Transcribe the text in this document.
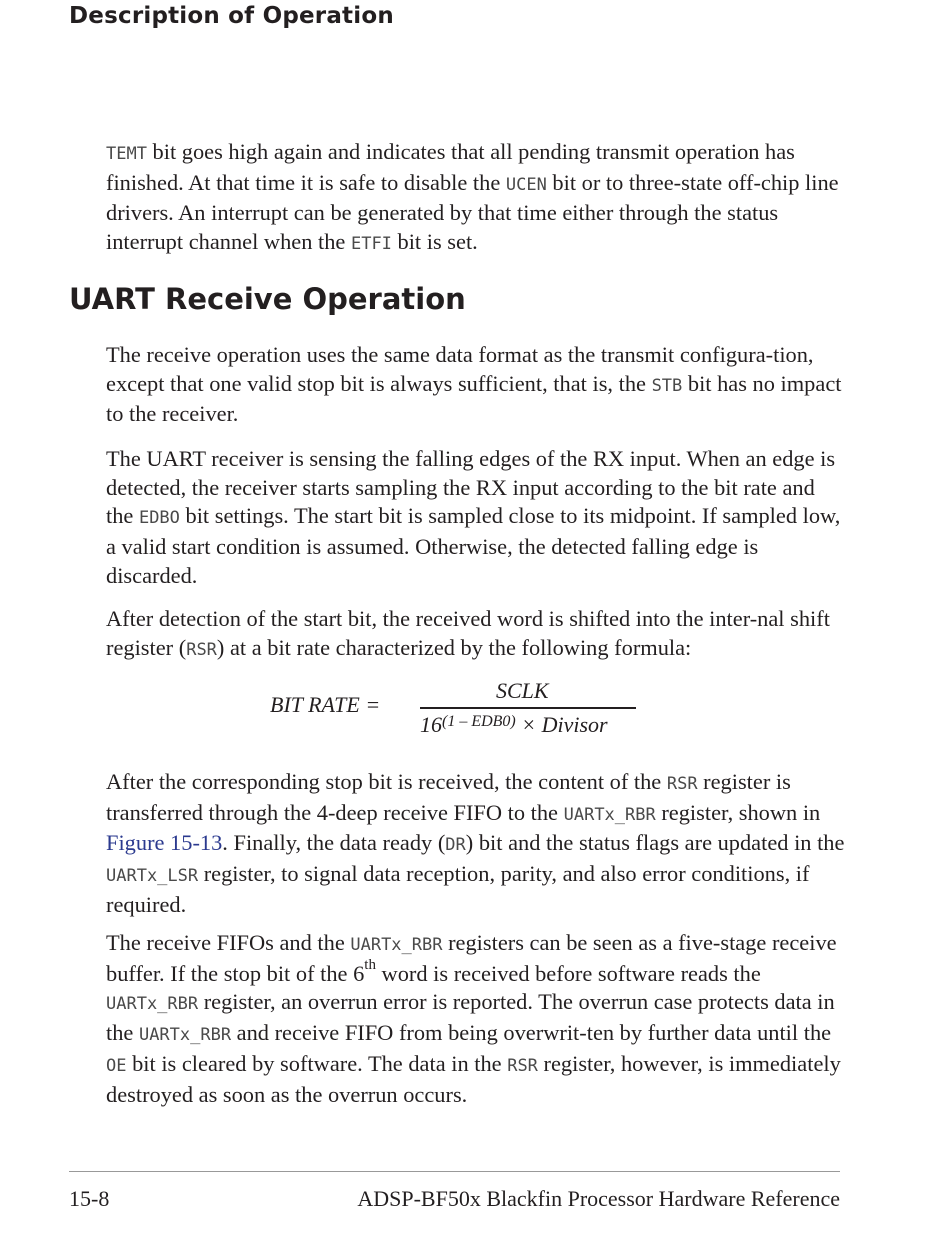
Description of Operation

TEMT bit goes high again and indicates that all pending transmit operation has finished. At that time it is safe to disable the UCEN bit or to three-state off-chip line drivers. An interrupt can be generated by that time either through the status interrupt channel when the ETFI bit is set.

UART Receive Operation

The receive operation uses the same data format as the transmit configura-tion, except that one valid stop bit is always sufficient, that is, the STB bit has no impact to the receiver.

The UART receiver is sensing the falling edges of the RX input. When an edge is detected, the receiver starts sampling the RX input according to the bit rate and the EDBO bit settings. The start bit is sampled close to its midpoint. If sampled low, a valid start condition is assumed. Otherwise, the detected falling edge is discarded.

After detection of the start bit, the received word is shifted into the inter-nal shift register (RSR) at a bit rate characterized by the following formula:

BIT RATE =
SCLK
$16^{(1 - EDB0)}$ × Divisor

After the corresponding stop bit is received, the content of the RSR register is transferred through the 4-deep receive FIFO to the UARTx_RBR register, shown in Figure 15-13. Finally, the data ready (DR) bit and the status flags are updated in the UARTx_LSR register, to signal data reception, parity, and also error conditions, if required.

The receive FIFOs and the UARTx_RBR registers can be seen as a five-stage receive buffer. If the stop bit of the 6th word is received before software reads the UARTx_RBR register, an overrun error is reported. The overrun case protects data in the UARTx_RBR and receive FIFO from being overwrit-ten by further data until the OE bit is cleared by software. The data in the RSR register, however, is immediately destroyed as soon as the overrun occurs.

15-8	ADSP-BF50x Blackfin Processor Hardware Reference
